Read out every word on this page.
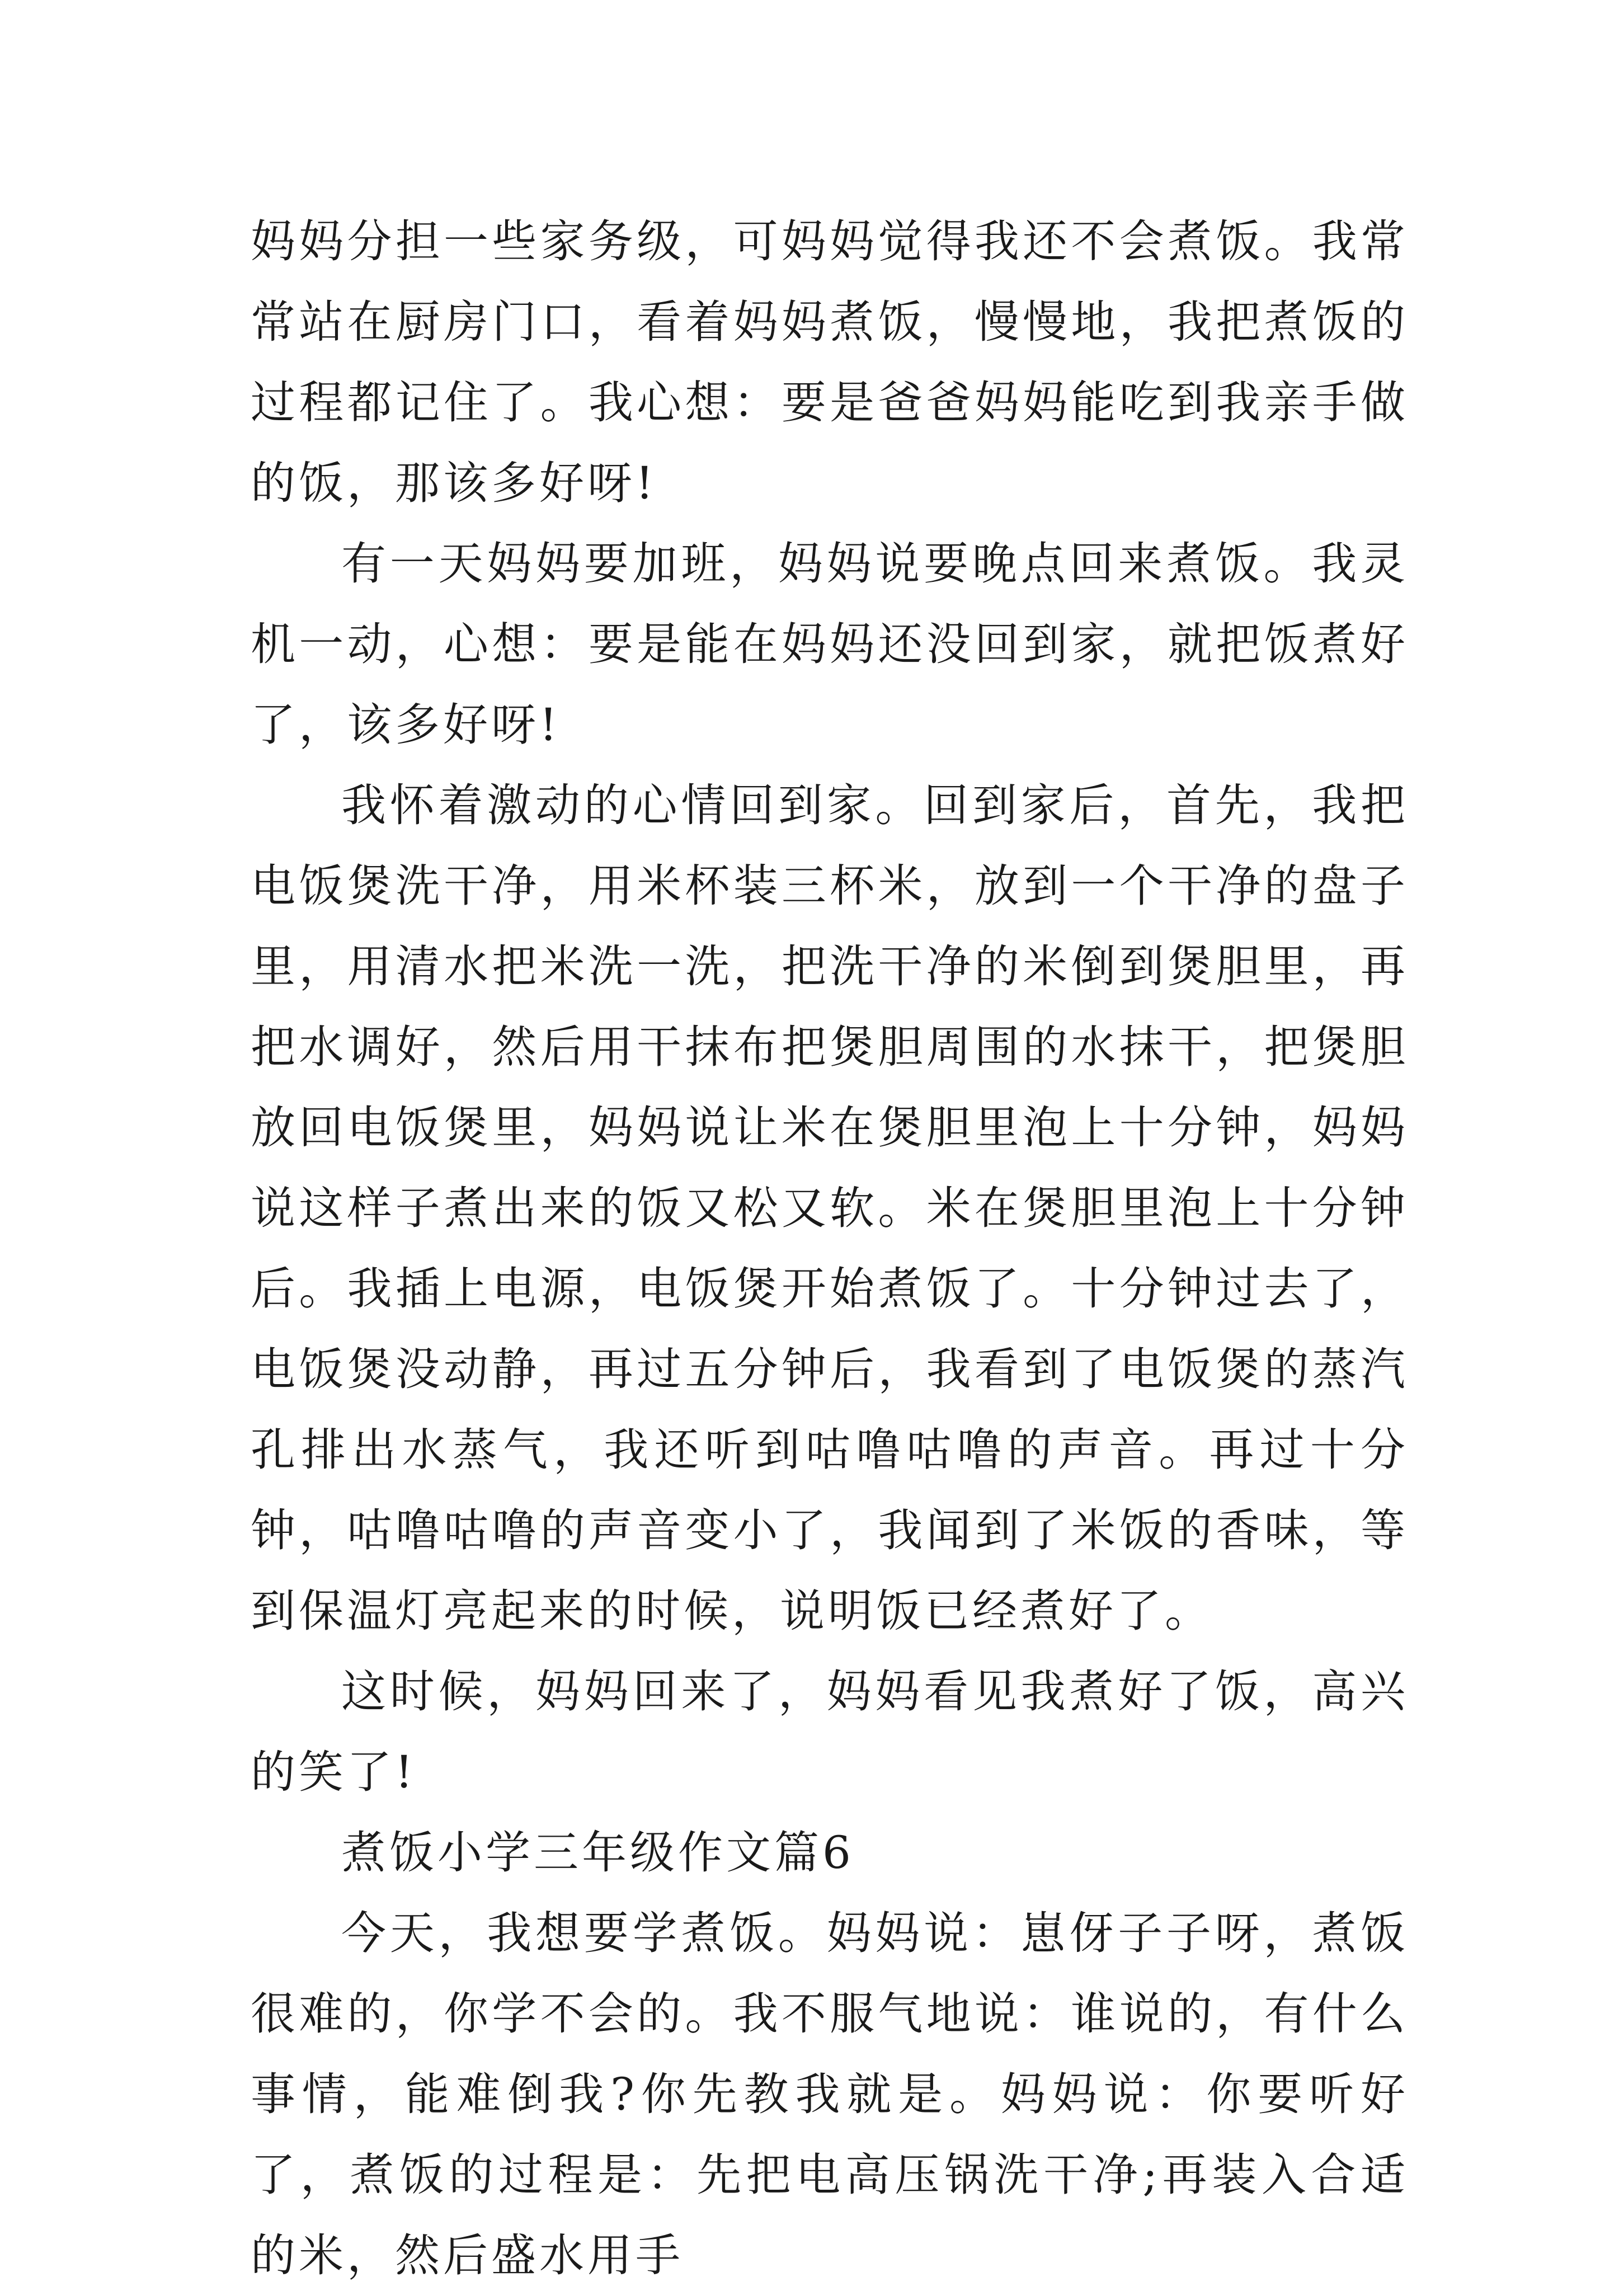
妈妈分担一些家务级，可妈妈觉得我还不会煮饭。我常常站在厨房门口，看着妈妈煮饭，慢慢地，我把煮饭的过程都记住了。我心想：要是爸爸妈妈能吃到我亲手做的饭，那该多好呀!

有一天妈妈要加班，妈妈说要晚点回来煮饭。我灵机一动，心想：要是能在妈妈还没回到家，就把饭煮好了，该多好呀!

我怀着激动的心情回到家。回到家后，首先，我把电饭煲洗干净，用米杯装三杯米，放到一个干净的盘子里，用清水把米洗一洗，把洗干净的米倒到煲胆里，再把水调好，然后用干抹布把煲胆周围的水抹干，把煲胆放回电饭煲里，妈妈说让米在煲胆里泡上十分钟，妈妈说这样子煮出来的饭又松又软。米在煲胆里泡上十分钟后。我插上电源，电饭煲开始煮饭了。十分钟过去了，电饭煲没动静，再过五分钟后，我看到了电饭煲的蒸汽孔排出水蒸气，我还听到咕噜咕噜的声音。再过十分钟，咕噜咕噜的声音变小了，我闻到了米饭的香味，等到保温灯亮起来的时候，说明饭已经煮好了。

这时候，妈妈回来了，妈妈看见我煮好了饭，高兴的笑了!

煮饭小学三年级作文篇6

今天，我想要学煮饭。妈妈说：崽伢子子呀，煮饭很难的，你学不会的。我不服气地说：谁说的，有什么事情，能难倒我?你先教我就是。妈妈说：你要听好了，煮饭的过程是：先把电高压锅洗干净;再装入合适的米，然后盛水用手
